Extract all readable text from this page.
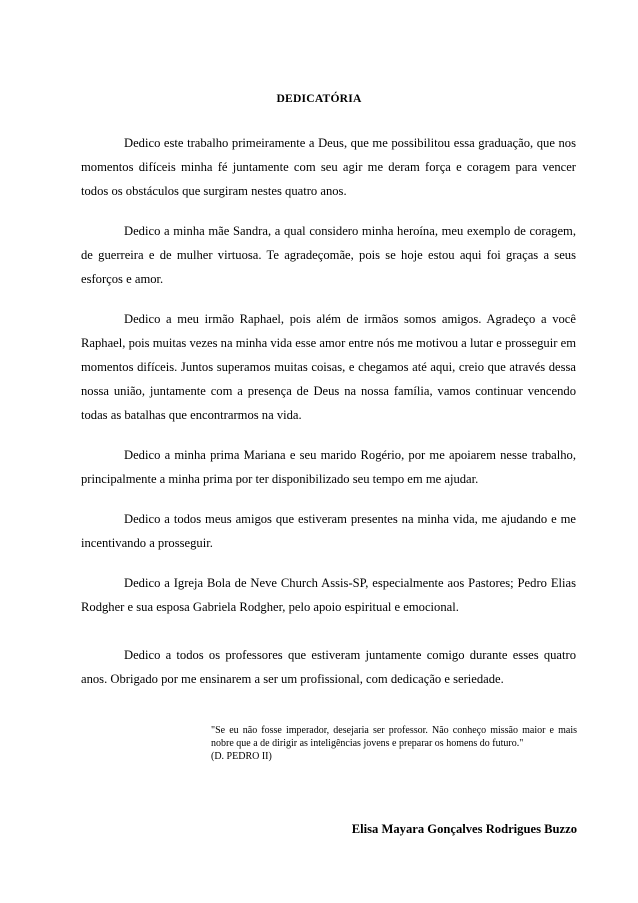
DEDICATÓRIA

Dedico este trabalho primeiramente a Deus, que me possibilitou essa graduação, que nos momentos difíceis minha fé juntamente com seu agir me deram força e coragem para vencer todos os obstáculos que surgiram nestes quatro anos.

Dedico a minha mãe Sandra, a qual considero minha heroína, meu exemplo de coragem, de guerreira e de mulher virtuosa. Te agradeçomãe, pois se hoje estou aqui foi graças a seus esforços e amor.

Dedico a meu irmão Raphael, pois além de irmãos somos amigos. Agradeço a você Raphael, pois muitas vezes na minha vida esse amor entre nós me motivou a lutar e prosseguir em momentos difíceis. Juntos superamos muitas coisas, e chegamos até aqui, creio que através dessa nossa união, juntamente com a presença de Deus na nossa família, vamos continuar vencendo todas as batalhas que encontrarmos na vida.

Dedico a minha prima Mariana e seu marido Rogério, por me apoiarem nesse trabalho, principalmente a minha prima por ter disponibilizado seu tempo em me ajudar.

Dedico a todos meus amigos que estiveram presentes na minha vida, me ajudando e me incentivando a prosseguir.

Dedico a Igreja Bola de Neve Church Assis-SP, especialmente aos Pastores; Pedro Elias Rodgher e sua esposa Gabriela Rodgher, pelo apoio espiritual e emocional.

Dedico a todos os professores que estiveram juntamente comigo durante esses quatro anos. Obrigado por me ensinarem a ser um profissional, com dedicação e seriedade.

"Se eu não fosse imperador, desejaria ser professor. Não conheço missão maior e mais nobre que a de dirigir as inteligências jovens e preparar os homens do futuro."

(D. PEDRO II)

Elisa Mayara Gonçalves Rodrigues Buzzo
